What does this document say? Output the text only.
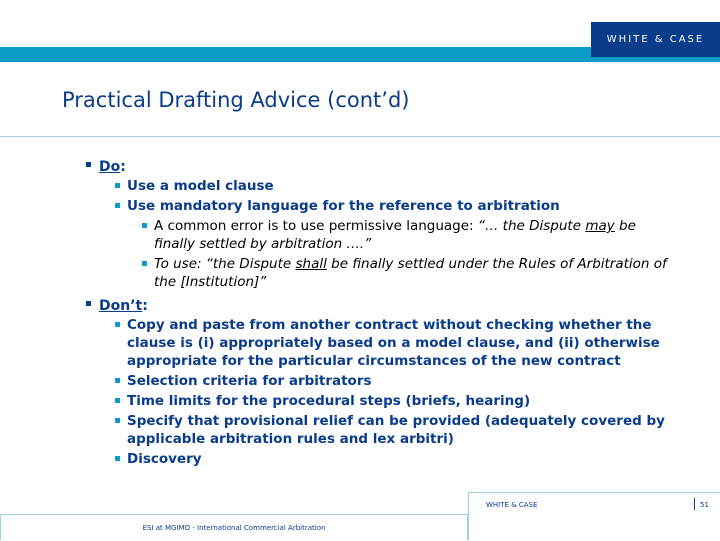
WHITE & CASE
Practical Drafting Advice (cont’d)
Do:
Use a model clause
Use mandatory language for the reference to arbitration
A common error is to use permissive language: “… the Dispute may be finally settled by arbitration ….”
To use: “the Dispute shall be finally settled under the Rules of Arbitration of the [Institution]”
Don’t:
Copy and paste from another contract without checking whether the clause is (i) appropriately based on a model clause, and (ii) otherwise appropriate for the particular circumstances of the new contract
Selection criteria for arbitrators
Time limits for the procedural steps (briefs, hearing)
Specify that provisional relief can be provided (adequately covered by applicable arbitration rules and lex arbitri)
Discovery
ESI at MGIMO - International Commercial Arbitration
WHITE & CASE	51
